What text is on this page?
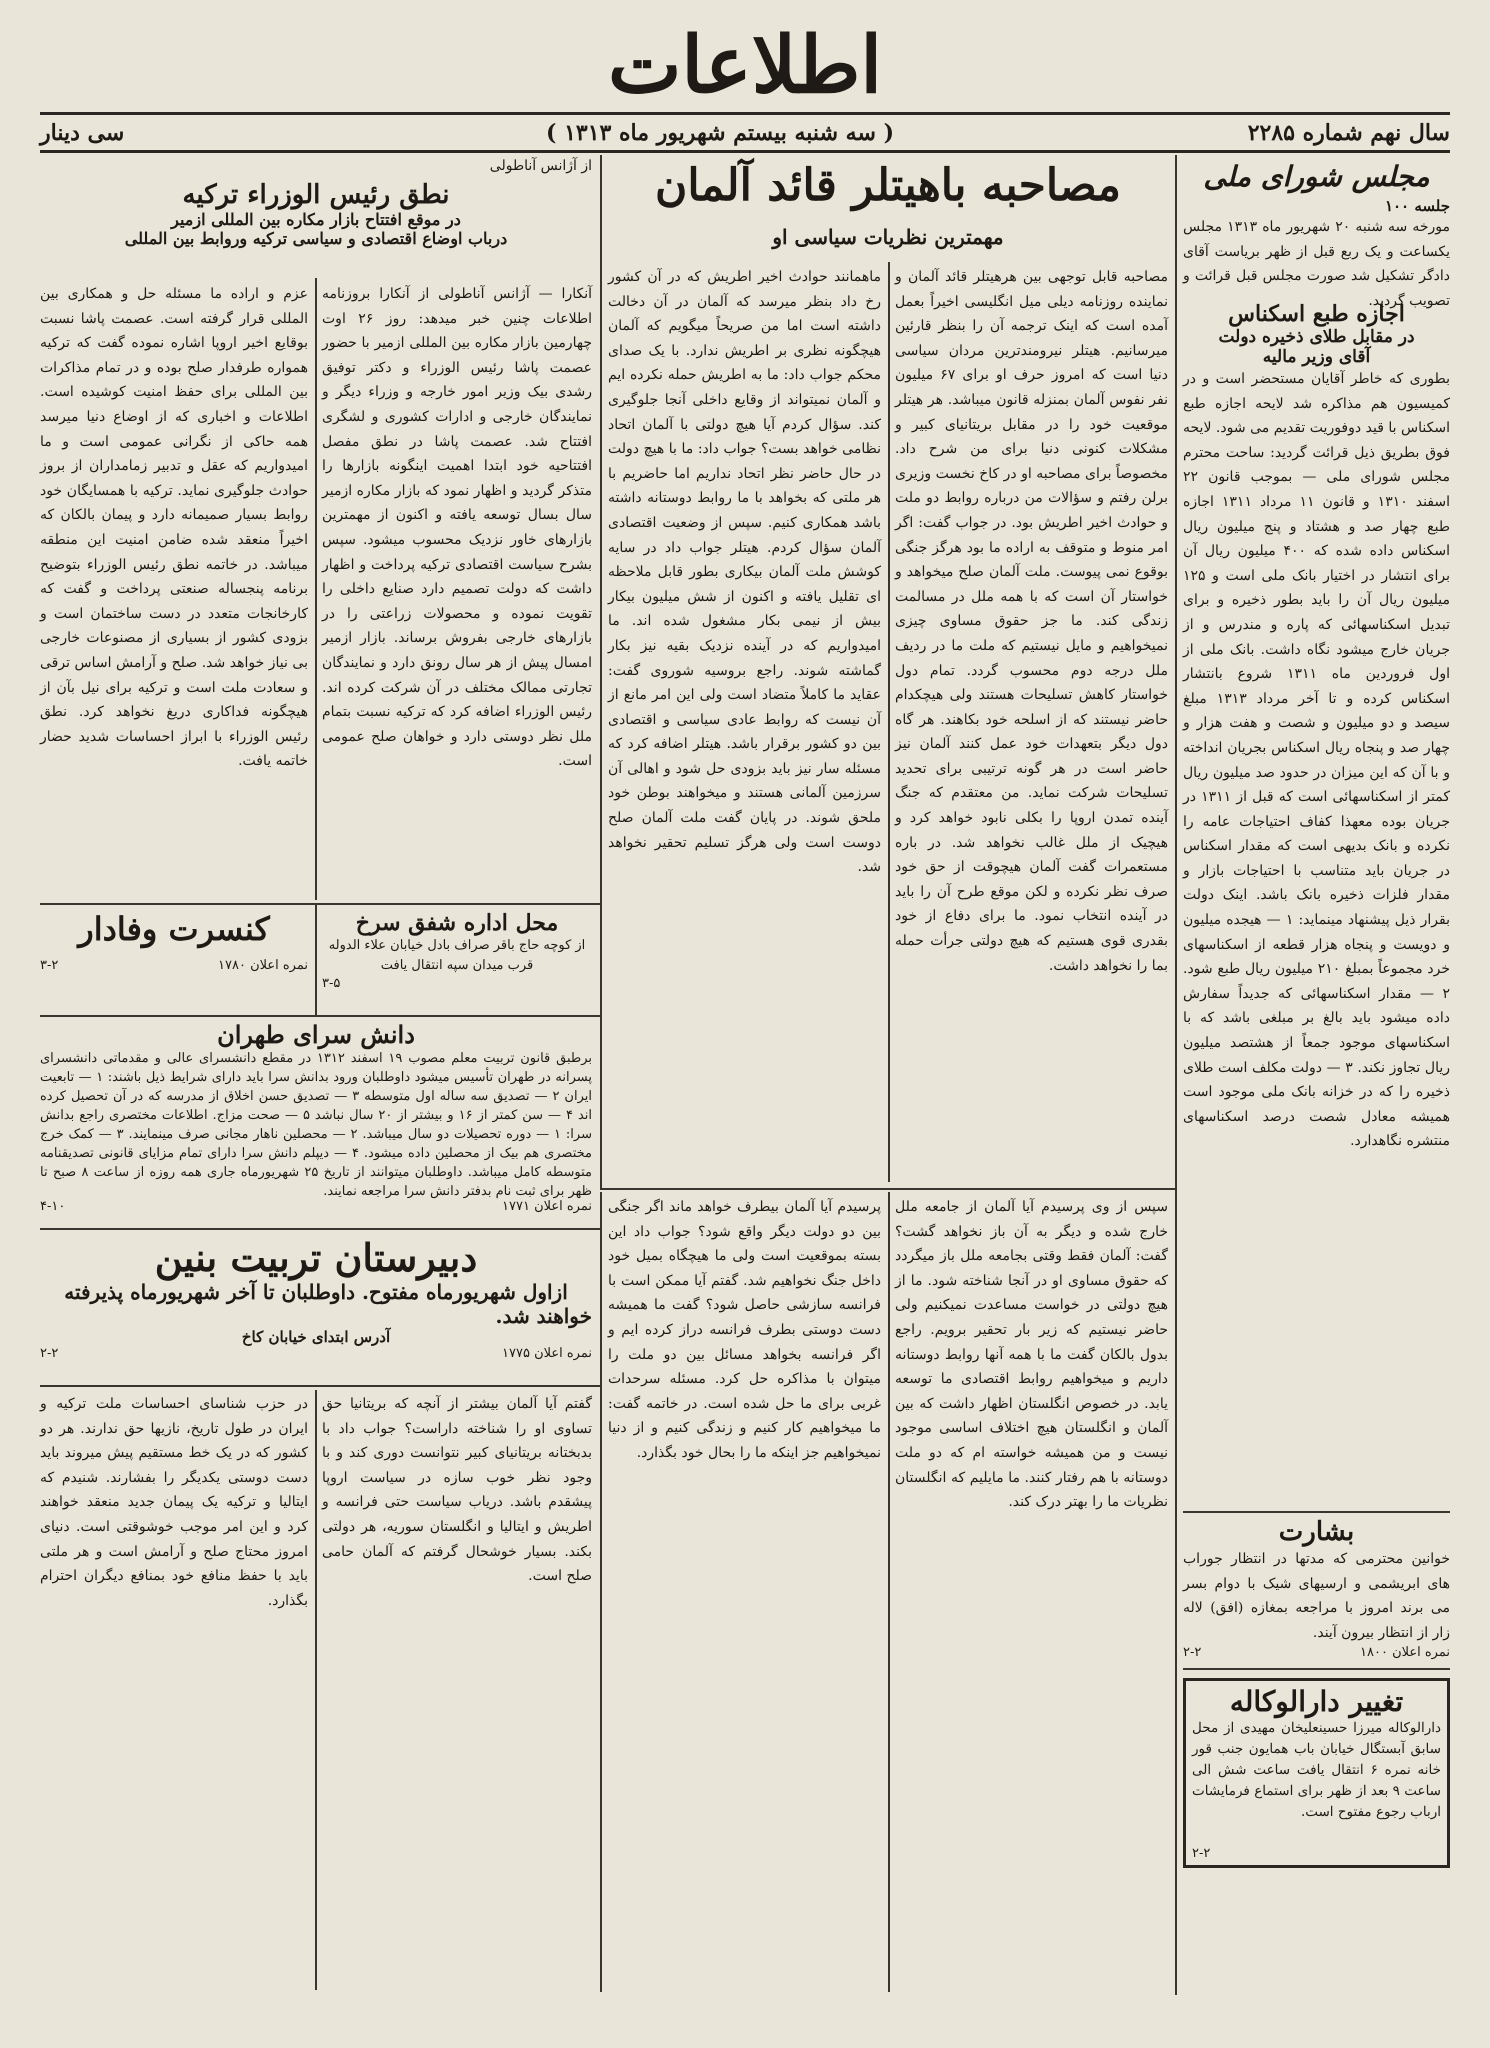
اطلاعات
سال نهم شماره ۲۲۸۵
( سه شنبه بیستم شهریور ماه ۱۳۱۳ )
سی دینار
مجلس شورای ملی
جلسه ۱۰۰
مورخه سه شنبه ۲۰ شهریور ماه ۱۳۱۳ مجلس یکساعت و یک ربع قبل از ظهر بریاست آقای دادگر تشکیل شد صورت مجلس قبل قرائت و تصویب گردید.
اجازه طبع اسکناس
در مقابل طلای ذخیره دولت
آقای وزیر مالیه
بطوری که خاطر آقایان مستحضر است و در کمیسیون هم مذاکره شد لایحه اجازه طبع اسکناس با قید دوفوریت تقدیم می شود. لایحه فوق بطریق ذیل قرائت گردید: ساحت محترم مجلس شورای ملی — بموجب قانون ۲۲ اسفند ۱۳۱۰ و قانون ۱۱ مرداد ۱۳۱۱ اجازه طبع چهار صد و هشتاد و پنج میلیون ریال اسکناس داده شده که ۴۰۰ میلیون ریال آن برای انتشار در اختیار بانک ملی است و ۱۲۵ میلیون ریال آن را باید بطور ذخیره و برای تبدیل اسکناسهائی که پاره و مندرس و از جریان خارج میشود نگاه داشت. بانک ملی از اول فروردین ماه ۱۳۱۱ شروع بانتشار اسکناس کرده و تا آخر مرداد ۱۳۱۳ مبلغ سیصد و دو میلیون و شصت و هفت هزار و چهار صد و پنجاه ریال اسکناس بجریان انداخته و با آن که این میزان در حدود صد میلیون ریال کمتر از اسکناسهائی است که قبل از ۱۳۱۱ در جریان بوده معهذا کفاف احتیاجات عامه را نکرده و بانک بدیهی است که مقدار اسکناس در جریان باید متناسب با احتیاجات بازار و مقدار فلزات ذخیره بانک باشد. اینک دولت بقرار ذیل پیشنهاد مینماید: ۱ — هیجده میلیون و دویست و پنجاه هزار قطعه از اسکناسهای خرد مجموعاً بمبلغ ۲۱۰ میلیون ریال طبع شود. ۲ — مقدار اسکناسهائی که جدیداً سفارش داده میشود باید بالغ بر مبلغی باشد که با اسکناسهای موجود جمعاً از هشتصد میلیون ریال تجاوز نکند. ۳ — دولت مکلف است طلای ذخیره را که در خزانه بانک ملی موجود است همیشه معادل شصت درصد اسکناسهای منتشره نگاهدارد.
بشارت
خوانین محترمی که مدتها در انتظار جوراب های ابریشمی و ارسیهای شیک با دوام بسر می برند امروز با مراجعه بمغازه (افق) لاله زار از انتظار بیرون آیند.
نمره اعلان ۱۸۰۰
۲-۲
تغییر دارالوکاله
دارالوکاله میرزا حسینعلیخان مهیدی از محل سابق آبستگال خیابان باب همایون جنب قور خانه نمره ۶ انتقال یافت ساعت شش الی ساعت ۹ بعد از ظهر برای استماع فرمایشات ارباب رجوع مفتوح است.
۲-۲
مصاحبه باهیتلر قائد آلمان
مهمترین نظریات سیاسی او
مصاحبه قابل توجهی بین هرهیتلر قائد آلمان و نماینده روزنامه دیلی میل انگلیسی اخیراً بعمل آمده است که اینک ترجمه آن را بنظر قارئین میرسانیم. هیتلر نیرومندترین مردان سیاسی دنیا است که امروز حرف او برای ۶۷ میلیون نفر نفوس آلمان بمنزله قانون میباشد. هر هیتلر موقعیت خود را در مقابل بریتانیای کبیر و مشکلات کنونی دنیا برای من شرح داد. مخصوصاً برای مصاحبه او در کاخ نخست وزیری برلن رفتم و سؤالات من درباره روابط دو ملت و حوادث اخیر اطریش بود. در جواب گفت: اگر امر منوط و متوقف به اراده ما بود هرگز جنگی بوقوع نمی پیوست. ملت آلمان صلح میخواهد و خواستار آن است که با همه ملل در مسالمت زندگی کند. ما جز حقوق مساوی چیزی نمیخواهیم و مایل نیستیم که ملت ما در ردیف ملل درجه دوم محسوب گردد. تمام دول خواستار کاهش تسلیحات هستند ولی هیچکدام حاضر نیستند که از اسلحه خود بکاهند. هر گاه دول دیگر بتعهدات خود عمل کنند آلمان نیز حاضر است در هر گونه ترتیبی برای تحدید تسلیحات شرکت نماید. من معتقدم که جنگ آینده تمدن اروپا را بکلی نابود خواهد کرد و هیچیک از ملل غالب نخواهد شد. در باره مستعمرات گفت آلمان هیچوقت از حق خود صرف نظر نکرده و لکن موقع طرح آن را باید در آینده انتخاب نمود. ما برای دفاع از خود بقدری قوی هستیم که هیچ دولتی جرأت حمله بما را نخواهد داشت.
ماهمانند حوادث اخیر اطریش که در آن کشور رخ داد بنظر میرسد که آلمان در آن دخالت داشته است اما من صریحاً میگویم که آلمان هیچگونه نظری بر اطریش ندارد. با یک صدای محکم جواب داد: ما به اطریش حمله نکرده ایم و آلمان نمیتواند از وقایع داخلی آنجا جلوگیری کند. سؤال کردم آیا هیچ دولتی با آلمان اتحاد نظامی خواهد بست؟ جواب داد: ما با هیچ دولت در حال حاضر نظر اتحاد نداریم اما حاضریم با هر ملتی که بخواهد با ما روابط دوستانه داشته باشد همکاری کنیم. سپس از وضعیت اقتصادی آلمان سؤال کردم. هیتلر جواب داد در سایه کوشش ملت آلمان بیکاری بطور قابل ملاحظه ای تقلیل یافته و اکنون از شش میلیون بیکار بیش از نیمی بکار مشغول شده اند. ما امیدواریم که در آینده نزدیک بقیه نیز بکار گماشته شوند. راجع بروسیه شوروی گفت: عقاید ما کاملاً متضاد است ولی این امر مانع از آن نیست که روابط عادی سیاسی و اقتصادی بین دو کشور برقرار باشد. هیتلر اضافه کرد که مسئله سار نیز باید بزودی حل شود و اهالی آن سرزمین آلمانی هستند و میخواهند بوطن خود ملحق شوند. در پایان گفت ملت آلمان صلح دوست است ولی هرگز تسلیم تحقیر نخواهد شد.
از آژانس آناطولی
نطق رئیس الوزراء ترکیه
در موقع افتتاح بازار مکاره بین المللی ازمیر
درباب اوضاع اقتصادی و سیاسی ترکیه وروابط بین المللی
آنکارا — آژانس آناطولی از آنکارا بروزنامه اطلاعات چنین خبر میدهد: روز ۲۶ اوت چهارمین بازار مکاره بین المللی ازمیر با حضور عصمت پاشا رئیس الوزراء و دکتر توفیق رشدی بیک وزیر امور خارجه و وزراء دیگر و نمایندگان خارجی و ادارات کشوری و لشگری افتتاح شد. عصمت پاشا در نطق مفصل افتتاحیه خود ابتدا اهمیت اینگونه بازارها را متذکر گردید و اظهار نمود که بازار مکاره ازمیر سال بسال توسعه یافته و اکنون از مهمترین بازارهای خاور نزدیک محسوب میشود. سپس بشرح سیاست اقتصادی ترکیه پرداخت و اظهار داشت که دولت تصمیم دارد صنایع داخلی را تقویت نموده و محصولات زراعتی را در بازارهای خارجی بفروش برساند. بازار ازمیر امسال پیش از هر سال رونق دارد و نمایندگان تجارتی ممالک مختلف در آن شرکت کرده اند. رئیس الوزراء اضافه کرد که ترکیه نسبت بتمام ملل نظر دوستی دارد و خواهان صلح عمومی است.
عزم و اراده ما مسئله حل و همکاری بین المللی قرار گرفته است. عصمت پاشا نسبت بوقایع اخیر اروپا اشاره نموده گفت که ترکیه همواره طرفدار صلح بوده و در تمام مذاکرات بین المللی برای حفظ امنیت کوشیده است. اطلاعات و اخباری که از اوضاع دنیا میرسد همه حاکی از نگرانی عمومی است و ما امیدواریم که عقل و تدبیر زمامداران از بروز حوادث جلوگیری نماید. ترکیه با همسایگان خود روابط بسیار صمیمانه دارد و پیمان بالکان که اخیراً منعقد شده ضامن امنیت این منطقه میباشد. در خاتمه نطق رئیس الوزراء بتوضیح برنامه پنجساله صنعتی پرداخت و گفت که کارخانجات متعدد در دست ساختمان است و بزودی کشور از بسیاری از مصنوعات خارجی بی نیاز خواهد شد. صلح و آرامش اساس ترقی و سعادت ملت است و ترکیه برای نیل بآن از هیچگونه فداکاری دریغ نخواهد کرد. نطق رئیس الوزراء با ابراز احساسات شدید حضار خاتمه یافت.
محل اداره شفق سرخ
از کوچه حاج باقر صراف بادل خیابان علاء الدوله قرب میدان سپه انتقال یافت
۳-۵
کنسرت وفادار
نمره اعلان ۱۷۸۰
۳-۲
دانش سرای طهران
برطبق قانون تربیت معلم مصوب ۱۹ اسفند ۱۳۱۲ در مقطع دانشسرای عالی و مقدماتی دانشسرای پسرانه در طهران تأسیس میشود داوطلبان ورود بدانش سرا باید دارای شرایط ذیل باشند: ۱ — تابعیت ایران ۲ — تصدیق سه ساله اول متوسطه ۳ — تصدیق حسن اخلاق از مدرسه که در آن تحصیل کرده اند ۴ — سن کمتر از ۱۶ و بیشتر از ۲۰ سال نباشد ۵ — صحت مزاج. اطلاعات مختصری راجع بدانش سرا: ۱ — دوره تحصیلات دو سال میباشد. ۲ — محصلین ناهار مجانی صرف مینمایند. ۳ — کمک خرج مختصری هم بیک از محصلین داده میشود. ۴ — دیپلم دانش سرا دارای تمام مزایای قانونی تصدیقنامه متوسطه کامل میباشد. داوطلبان میتوانند از تاریخ ۲۵ شهریورماه جاری همه روزه از ساعت ۸ صبح تا ظهر برای ثبت نام بدفتر دانش سرا مراجعه نمایند.
نمره اعلان ۱۷۷۱
۴-۱۰
دبیرستان تربیت بنین
ازاول شهریورماه مفتوح. داوطلبان تا آخر شهریورماه پذیرفته
خواهند شد.
آدرس ابتدای خیابان کاخ
نمره اعلان ۱۷۷۵
۲-۲
سپس از وی پرسیدم آیا آلمان از جامعه ملل خارج شده و دیگر به آن باز نخواهد گشت؟ گفت: آلمان فقط وقتی بجامعه ملل باز میگردد که حقوق مساوی او در آنجا شناخته شود. ما از هیچ دولتی در خواست مساعدت نمیکنیم ولی حاضر نیستیم که زیر بار تحقیر برویم. راجع بدول بالکان گفت ما با همه آنها روابط دوستانه داریم و میخواهیم روابط اقتصادی ما توسعه یابد. در خصوص انگلستان اظهار داشت که بین آلمان و انگلستان هیچ اختلاف اساسی موجود نیست و من همیشه خواسته ام که دو ملت دوستانه با هم رفتار کنند. ما مایلیم که انگلستان نظریات ما را بهتر درک کند.
پرسیدم آیا آلمان بیطرف خواهد ماند اگر جنگی بین دو دولت دیگر واقع شود؟ جواب داد این بسته بموقعیت است ولی ما هیچگاه بمیل خود داخل جنگ نخواهیم شد. گفتم آیا ممکن است با فرانسه سازشی حاصل شود؟ گفت ما همیشه دست دوستی بطرف فرانسه دراز کرده ایم و اگر فرانسه بخواهد مسائل بین دو ملت را میتوان با مذاکره حل کرد. مسئله سرحدات غربی برای ما حل شده است. در خاتمه گفت: ما میخواهیم کار کنیم و زندگی کنیم و از دنیا نمیخواهیم جز اینکه ما را بحال خود بگذارد.
گفتم آیا آلمان بیشتر از آنچه که بریتانیا حق تساوی او را شناخته داراست؟ جواب داد با بدبختانه بریتانیای کبیر نتوانست دوری کند و با وجود نظر خوب سازه در سیاست اروپا پیشقدم باشد. دریاب سیاست حتی فرانسه و اطریش و ایتالیا و انگلستان سوریه، هر دولتی بکند. بسیار خوشحال گرفتم که آلمان حامی صلح است.
در حزب شناسای احساسات ملت ترکیه و ایران در طول تاریخ، نازیها حق ندارند. هر دو کشور که در یک خط مستقیم پیش میروند باید دست دوستی یکدیگر را بفشارند. شنیدم که ایتالیا و ترکیه یک پیمان جدید منعقد خواهند کرد و این امر موجب خوشوقتی است. دنیای امروز محتاج صلح و آرامش است و هر ملتی باید با حفظ منافع خود بمنافع دیگران احترام بگذارد.
